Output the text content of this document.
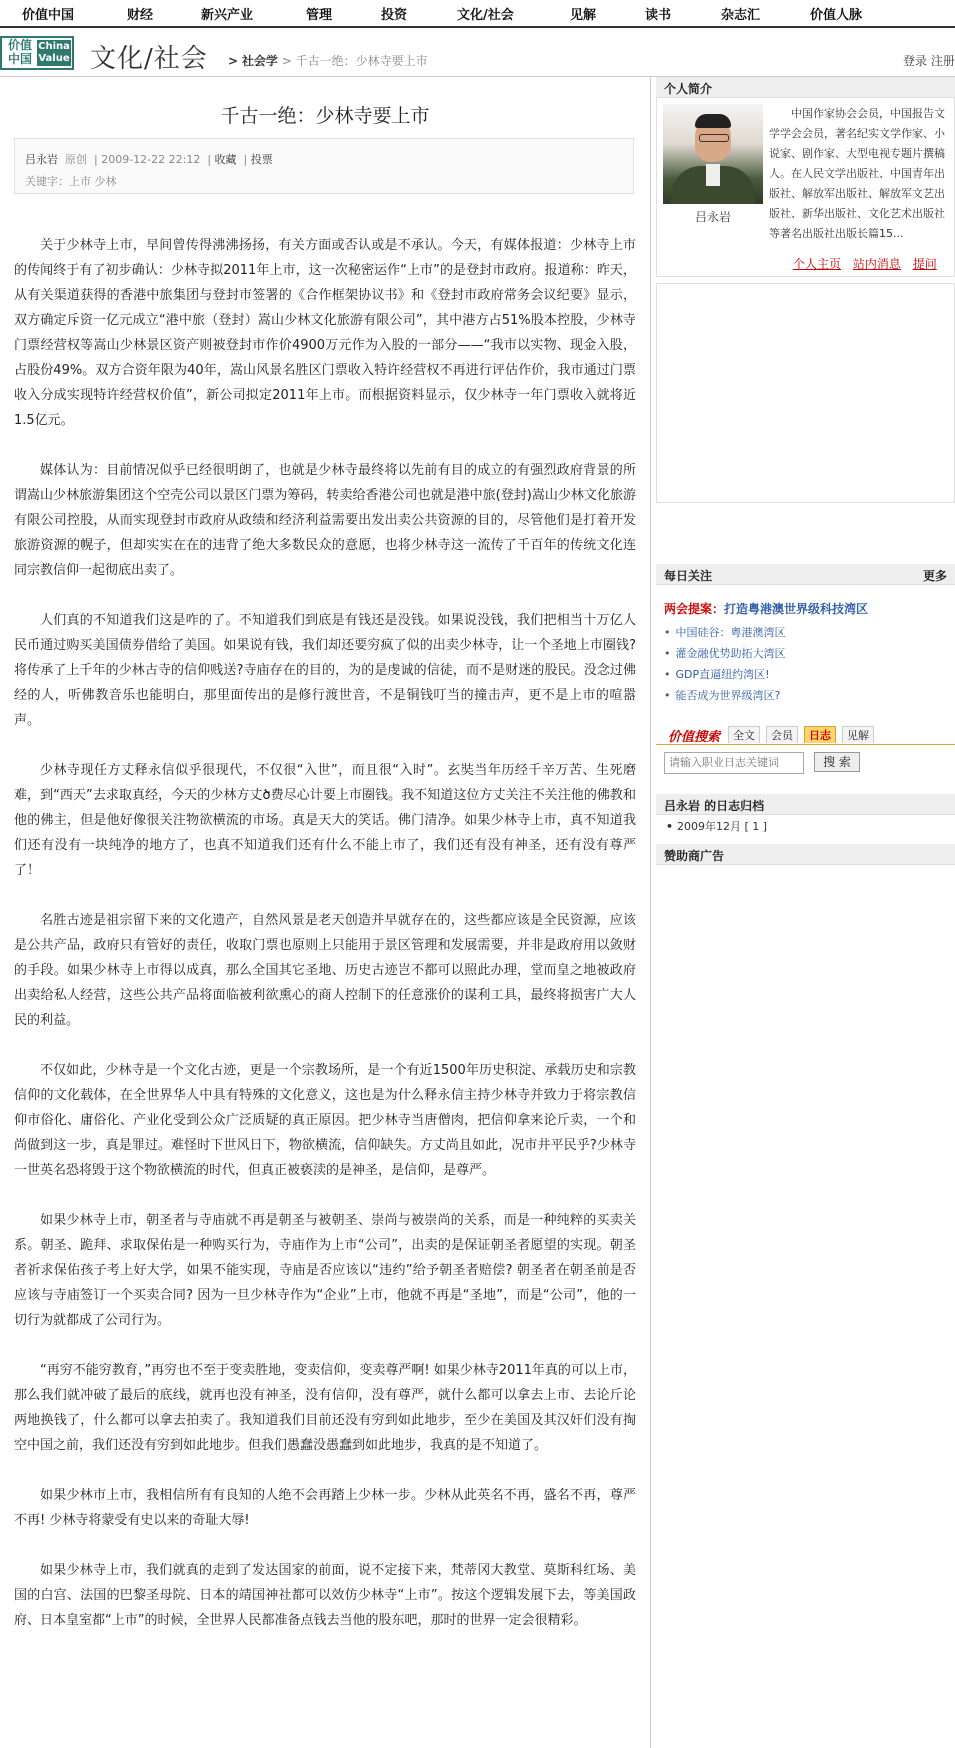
价值中国	财经	新兴产业	管理	投资	文化/社会	见解	读书	杂志汇	价值人脉
价值中国
China Value 文化/社会 > 社会学 > 千古一绝：少林寺要上市	登录 注册
千古一绝：少林寺要上市
吕永岩 原创  | 2009-12-22 22:12  | 收藏  | 投票
关键字：上市 少林

关于少林寺上市，早间曾传得沸沸扬扬，有关方面或否认或是不承认。今天，有媒体报道：少林寺上市的传闻终于有了初步确认：少林寺拟2011年上市，这一次秘密运作“上市”的是登封市政府。报道称：昨天，从有关渠道获得的香港中旅集团与登封市签署的《合作框架协议书》和《登封市政府常务会议纪要》显示，双方确定斥资一亿元成立“港中旅（登封）嵩山少林文化旅游有限公司”，其中港方占51%股本控股，少林寺门票经营权等嵩山少林景区资产则被登封市作价4900万元作为入股的一部分——“我市以实物、现金入股，占股份49%。双方合资年限为40年，嵩山风景名胜区门票收入特许经营权不再进行评估作价，我市通过门票收入分成实现特许经营权价值”，新公司拟定2011年上市。而根据资料显示，仅少林寺一年门票收入就将近1.5亿元。

媒体认为：目前情况似乎已经很明朗了，也就是少林寺最终将以先前有目的成立的有强烈政府背景的所谓嵩山少林旅游集团这个空壳公司以景区门票为筹码，转卖给香港公司也就是港中旅(登封)嵩山少林文化旅游有限公司控股，从而实现登封市政府从政绩和经济利益需要出发出卖公共资源的目的，尽管他们是打着开发旅游资源的幌子，但却实实在在的违背了绝大多数民众的意愿，也将少林寺这一流传了千百年的传统文化连同宗教信仰一起彻底出卖了。

人们真的不知道我们这是咋的了。不知道我们到底是有钱还是没钱。如果说没钱，我们把相当十万亿人民币通过购买美国债券借给了美国。如果说有钱，我们却还要穷疯了似的出卖少林寺，让一个圣地上市圈钱?将传承了上千年的少林古寺的信仰贱送?寺庙存在的目的，为的是虔诚的信徒，而不是财迷的股民。没念过佛经的人，听佛教音乐也能明白，那里面传出的是修行渡世音，不是铜钱叮当的撞击声，更不是上市的喧嚣声。

少林寺现任方丈释永信似乎很现代，不仅很“入世”，而且很“入时”。玄奘当年历经千辛万苦、生死磨难，到“西天”去求取真经，今天的少林方丈ծ费尽心计要上市圈钱。我不知道这位方丈关注不关注他的佛教和他的佛主，但是他好像很关注物欲横流的市场。真是天大的笑话。佛门清净。如果少林寺上市，真不知道我们还有没有一块纯净的地方了，也真不知道我们还有什么不能上市了，我们还有没有神圣，还有没有尊严了！

名胜古迹是祖宗留下来的文化遗产，自然风景是老天创造并早就存在的，这些都应该是全民资源，应该是公共产品，政府只有管好的责任，收取门票也原则上只能用于景区管理和发展需要，并非是政府用以敛财的手段。如果少林寺上市得以成真，那么全国其它圣地、历史古迹岂不都可以照此办理，堂而皇之地被政府出卖给私人经营，这些公共产品将面临被利欲熏心的商人控制下的任意涨价的谋利工具，最终将损害广大人民的利益。

不仅如此，少林寺是一个文化古迹，更是一个宗教场所，是一个有近1500年历史积淀、承载历史和宗教信仰的文化载体，在全世界华人中具有特殊的文化意义，这也是为什么释永信主持少林寺并致力于将宗教信仰市俗化、庸俗化、产业化受到公众广泛质疑的真正原因。把少林寺当唐僧肉，把信仰拿来论斤卖，一个和尚做到这一步，真是罪过。难怪时下世风日下，物欲横流，信仰缺失。方丈尚且如此，况市井平民乎?少林寺一世英名恐将毁于这个物欲横流的时代，但真正被亵渎的是神圣，是信仰，是尊严。

如果少林寺上市，朝圣者与寺庙就不再是朝圣与被朝圣、崇尚与被崇尚的关系，而是一种纯粹的买卖关系。朝圣、跪拜、求取保佑是一种购买行为，寺庙作为上市“公司”，出卖的是保证朝圣者愿望的实现。朝圣者祈求保佑孩子考上好大学，如果不能实现，寺庙是否应该以“违约”给予朝圣者赔偿? 朝圣者在朝圣前是否应该与寺庙签订一个买卖合同? 因为一旦少林寺作为“企业”上市，他就不再是“圣地”，而是“公司”，他的一切行为就都成了公司行为。

“再穷不能穷教育，”再穷也不至于变卖胜地，变卖信仰，变卖尊严啊! 如果少林寺2011年真的可以上市，那么我们就冲破了最后的底线，就再也没有神圣，没有信仰，没有尊严，就什么都可以拿去上市、去论斤论两地换钱了，什么都可以拿去拍卖了。我知道我们目前还没有穷到如此地步，至少在美国及其汉奸们没有掏空中国之前，我们还没有穷到如此地步。但我们愚蠢没愚蠢到如此地步，我真的是不知道了。

如果少林市上市，我相信所有有良知的人绝不会再踏上少林一步。少林从此英名不再，盛名不再，尊严不再! 少林寺将蒙受有史以来的奇耻大辱!

如果少林寺上市，我们就真的走到了发达国家的前面，说不定接下来，梵蒂冈大教堂、莫斯科红场、美国的白宫、法国的巴黎圣母院、日本的靖国神社都可以效仿少林寺“上市”。按这个逻辑发展下去，等美国政府、日本皇室都“上市”的时候，全世界人民都准备点钱去当他的股东吧，那时的世界一定会很精彩。

个人简介
吕永岩
中国作家协会会员，中国报告文学学会会员，著名纪实文学作家、小说家、剧作家、大型电视专题片撰稿人。在人民文学出版社、中国青年出版社、解放军出版社、解放军文艺出版社、新华出版社、文化艺术出版社等著名出版社出版长篇15...
个人主页 站内消息 提问
每日关注	更多
两会提案：打造粤港澳世界级科技湾区
• 中国硅谷：粤港澳湾区
• 灌金融优势助拓大湾区
• GDP直逼纽约湾区!
• 能否成为世界级湾区?
价值搜索	全文	会员	日志	见解
请输入职业日志关键词
搜 索
吕永岩 的日志归档
• 2009年12月 [ 1 ]
赞助商广告
